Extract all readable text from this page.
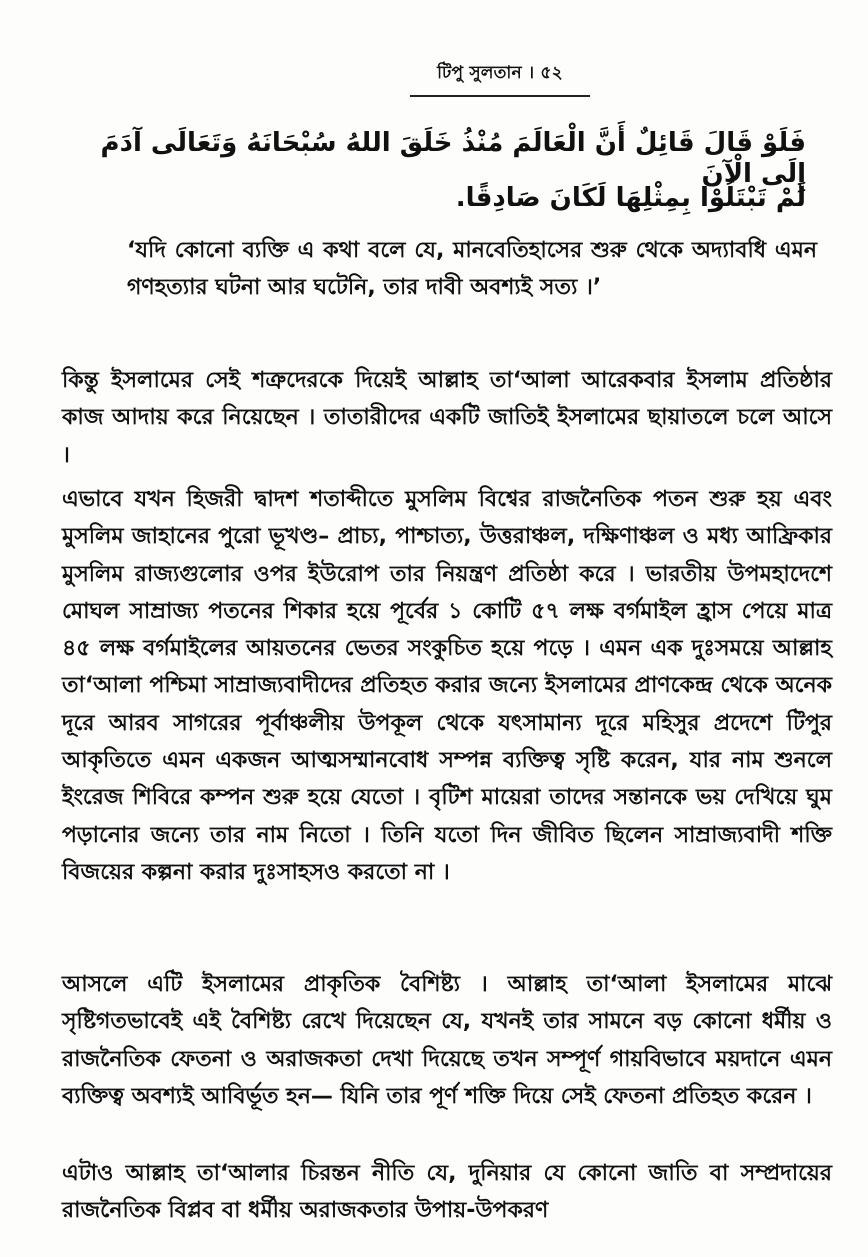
টিপু সুলতান । ৫২
فَلَوْ قَالَ قَائِلٌ أَنَّ الْعَالَمَ مُنْذُ خَلَقَ اللهُ سُبْحَانَهُ وَتَعَالَى آدَمَ إِلَى الْآنَ
لَمْ تَبْتَلُوْا بِمِثْلِهَا لَكَانَ صَادِقًا.
‘যদি কোনো ব্যক্তি এ কথা বলে যে, মানবেতিহাসের শুরু থেকে অদ্যাবধি এমন গণহত্যার ঘটনা আর ঘটেনি, তার দাবী অবশ্যই সত্য ।’
কিন্তু ইসলামের সেই শত্রুদেরকে দিয়েই আল্লাহ তা‘আলা আরেকবার ইসলাম প্রতিষ্ঠার কাজ আদায় করে নিয়েছেন । তাতারীদের একটি জাতিই ইসলামের ছায়াতলে চলে আসে ।
এভাবে যখন হিজরী দ্বাদশ শতাব্দীতে মুসলিম বিশ্বের রাজনৈতিক পতন শুরু হয় এবং মুসলিম জাহানের পুরো ভূখণ্ড– প্রাচ্য, পাশ্চাত্য, উত্তরাঞ্চল, দক্ষিণাঞ্চল ও মধ্য আফ্রিকার মুসলিম রাজ্যগুলোর ওপর ইউরোপ তার নিয়ন্ত্রণ প্রতিষ্ঠা করে । ভারতীয় উপমহাদেশে মোঘল সাম্রাজ্য পতনের শিকার হয়ে পূর্বের ১ কোটি ৫৭ লক্ষ বর্গমাইল হ্রাস পেয়ে মাত্র ৪৫ লক্ষ বর্গমাইলের আয়তনের ভেতর সংকুচিত হয়ে পড়ে । এমন এক দুঃসময়ে আল্লাহ তা‘আলা পশ্চিমা সাম্রাজ্যবাদীদের প্রতিহত করার জন্যে ইসলামের প্রাণকেন্দ্র থেকে অনেক দূরে আরব সাগরের পূর্বাঞ্চলীয় উপকূল থেকে যৎসামান্য দূরে মহিসুর প্রদেশে টিপুর আকৃতিতে এমন একজন আত্মসম্মানবোধ সম্পন্ন ব্যক্তিত্ব সৃষ্টি করেন, যার নাম শুনলে ইংরেজ শিবিরে কম্পন শুরু হয়ে যেতো । বৃটিশ মায়েরা তাদের সন্তানকে ভয় দেখিয়ে ঘুম পড়ানোর জন্যে তার নাম নিতো । তিনি যতো দিন জীবিত ছিলেন সাম্রাজ্যবাদী শক্তি বিজয়ের কল্পনা করার দুঃসাহসও করতো না ।
আসলে এটি ইসলামের প্রাকৃতিক বৈশিষ্ট্য । আল্লাহ তা‘আলা ইসলামের মাঝে সৃষ্টিগতভাবেই এই বৈশিষ্ট্য রেখে দিয়েছেন যে, যখনই তার সামনে বড় কোনো ধর্মীয় ও রাজনৈতিক ফেতনা ও অরাজকতা দেখা দিয়েছে তখন সম্পূর্ণ গায়বিভাবে ময়দানে এমন ব্যক্তিত্ব অবশ্যই আবির্ভূত হন— যিনি তার পূর্ণ শক্তি দিয়ে সেই ফেতনা প্রতিহত করেন ।
এটাও আল্লাহ তা‘আলার চিরন্তন নীতি যে, দুনিয়ার যে কোনো জাতি বা সম্প্রদায়ের রাজনৈতিক বিপ্লব বা ধর্মীয় অরাজকতার উপায়-উপকরণ
